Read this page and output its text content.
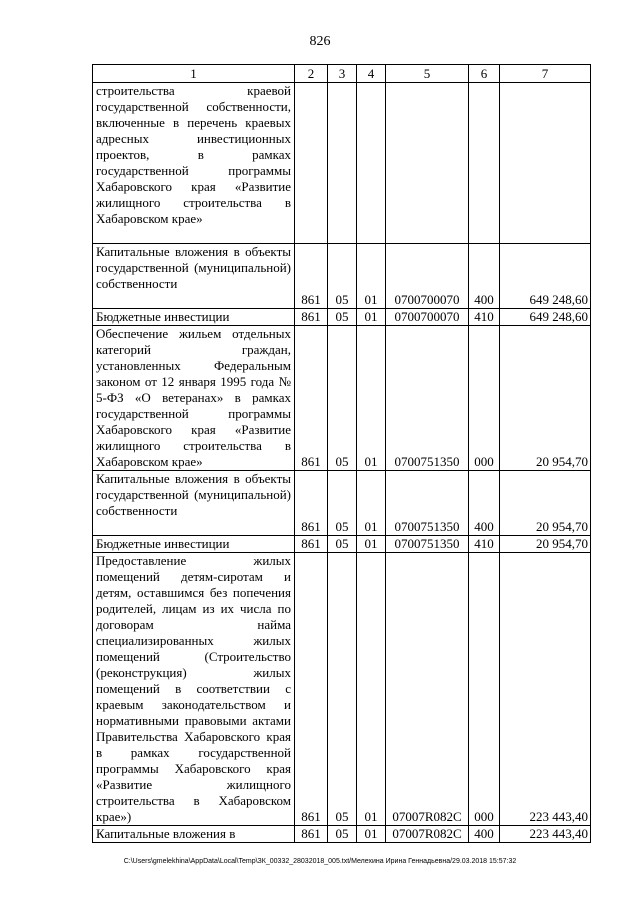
826
1	2	3	4	5	6	7
строительства краевой государственной собственности, включенные в перечень краевых адресных инвестиционных проектов, в рамках государственной программы Хабаровского края «Развитие жилищного строительства в Хабаровском крае»						
Капитальные вложения в объекты государственной (муниципальной) собственности	861	05	01	0700700070	400	649 248,60
Бюджетные инвестиции	861	05	01	0700700070	410	649 248,60
Обеспечение жильем отдельных категорий граждан, установленных Федеральным законом от 12 января 1995 года № 5-ФЗ «О ветеранах» в рамках государственной программы Хабаровского края «Развитие жилищного строительства в Хабаровском крае»	861	05	01	0700751350	000	20 954,70
Капитальные вложения в объекты государственной (муниципальной) собственности	861	05	01	0700751350	400	20 954,70
Бюджетные инвестиции	861	05	01	0700751350	410	20 954,70
Предоставление жилых помещений детям-сиротам и детям, оставшимся без попечения родителей, лицам из их числа по договорам найма специализированных жилых помещений (Строительство (реконструкция) жилых помещений в соответствии с краевым законодательством и нормативными правовыми актами Правительства Хабаровского края в рамках государственной программы Хабаровского края «Развитие жилищного строительства в Хабаровском крае»)	861	05	01	07007R082C	000	223 443,40
Капитальные вложения в	861	05	01	07007R082C	400	223 443,40
C:\Users\gmelekhina\AppData\Local\Temp\ЗК_00332_28032018_005.txt/Мелехина Ирина Геннадьевна/29.03.2018 15:57:32
